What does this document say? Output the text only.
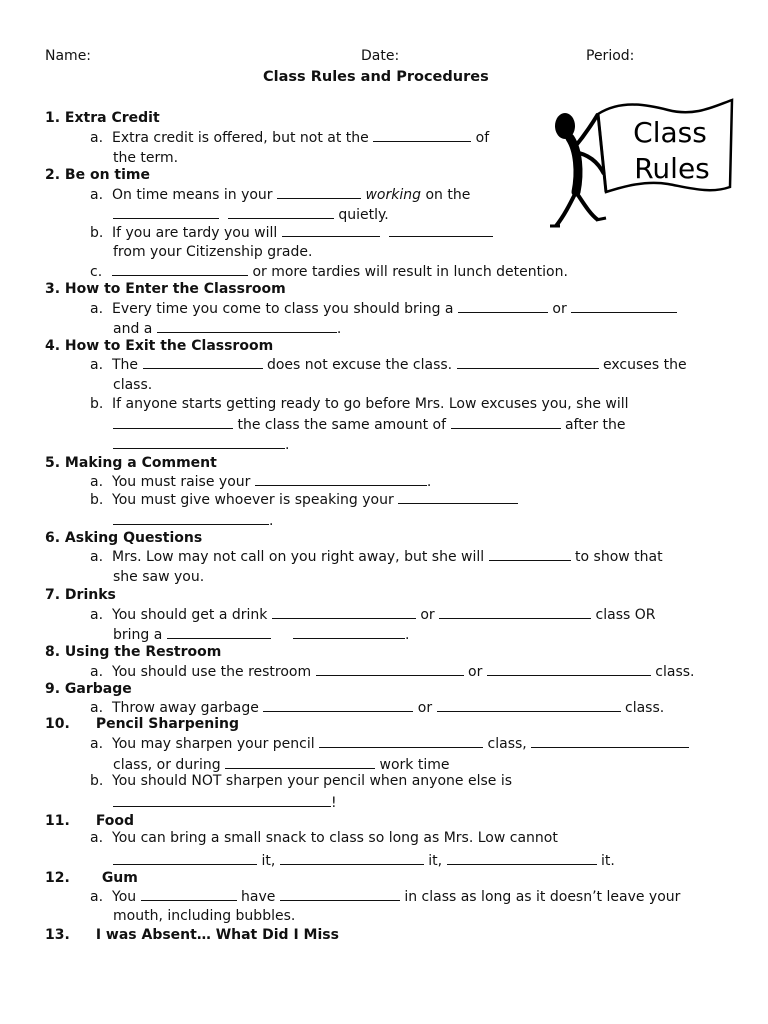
Name:	Date:	Period:
Class Rules and Procedures
Class
Rules
1. Extra Credit
a. Extra credit is offered, but not at the	of
the term.
2. Be on time
a. On time means in your	working on the
quietly.
b. If you are tardy you will
from your Citizenship grade.
c.	or more tardies will result in lunch detention.
3. How to Enter the Classroom
a. Every time you come to class you should bring a	or
and a	.
4. How to Exit the Classroom
a. The	does not excuse the class.	excuses the
class.
b. If anyone starts getting ready to go before Mrs. Low excuses you, she will
the class the same amount of	after the
.
5. Making a Comment
a. You must raise your	.
b. You must give whoever is speaking your
.
6. Asking Questions
a. Mrs. Low may not call on you right away, but she will	to show that
she saw you.
7. Drinks
a. You should get a drink	or	class OR
bring a	.
8. Using the Restroom
a. You should use the restroom	or	class.
9. Garbage
a. Throw away garbage	or	class.
10. Pencil Sharpening
a. You may sharpen your pencil	class,
class, or during	work time
b. You should NOT sharpen your pencil when anyone else is
!
11. Food
a. You can bring a small snack to class so long as Mrs. Low cannot
it,	it,	it.
12. Gum
a. You	have	in class as long as it doesn’t leave your
mouth, including bubbles.
13. I was Absent… What Did I Miss
